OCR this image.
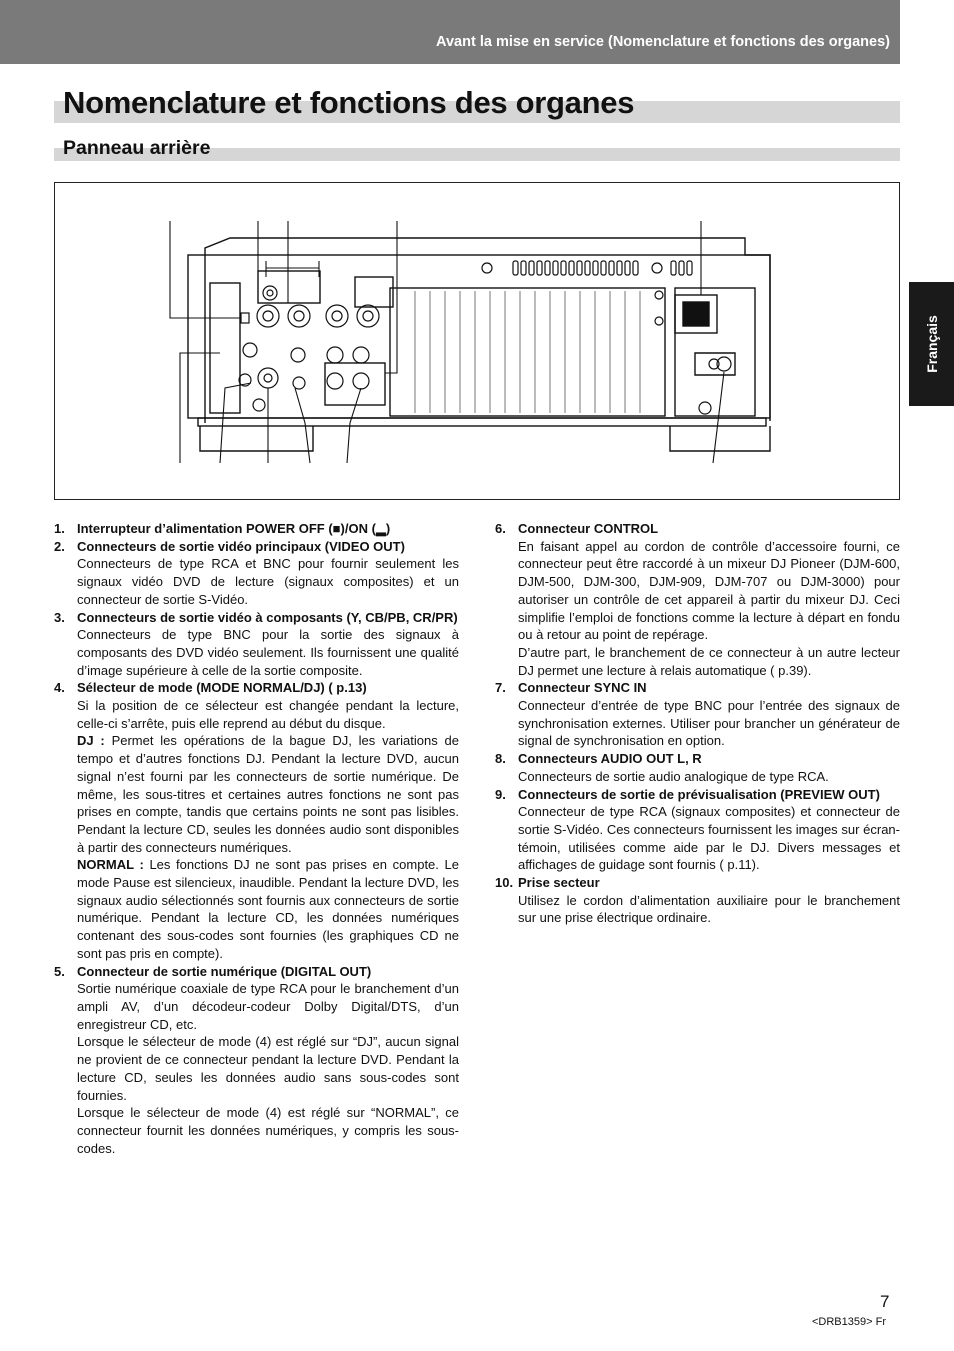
Avant la mise en service (Nomenclature et fonctions des organes)
Nomenclature et fonctions des organes
Panneau arrière
Français
1. Interrupteur d’alimentation POWER OFF (■)/ON (▂)
2. Connecteurs de sortie vidéo principaux (VIDEO OUT)

Connecteurs de type RCA et BNC pour fournir seulement les signaux vidéo DVD de lecture (signaux composites) et un connecteur de sortie S-Vidéo.

3. Connecteurs de sortie vidéo à composants (Y, CB/PB, CR/PR)

Connecteurs de type BNC pour la sortie des signaux à composants des DVD vidéo seulement. Ils fournissent une qualité d’image supérieure à celle de la sortie composite.

4. Sélecteur de mode (MODE NORMAL/DJ) ( p.13)

Si la position de ce sélecteur est changée pendant la lecture, celle-ci s’arrête, puis elle reprend au début du disque.

DJ : Permet les opérations de la bague DJ, les variations de tempo et d’autres fonctions DJ. Pendant la lecture DVD, aucun signal n’est fourni par les connecteurs de sortie numérique. De même, les sous-titres et certaines autres fonctions ne sont pas prises en compte, tandis que certains points ne sont pas lisibles. Pendant la lecture CD, seules les données audio sont disponibles à partir des connecteurs numériques.

NORMAL : Les fonctions DJ ne sont pas prises en compte. Le mode Pause est silencieux, inaudible. Pendant la lecture DVD, les signaux audio sélectionnés sont fournis aux connecteurs de sortie numérique. Pendant la lecture CD, les données numériques contenant des sous-codes sont fournies (les graphiques CD ne sont pas pris en compte).

5. Connecteur de sortie numérique (DIGITAL OUT)

Sortie numérique coaxiale de type RCA pour le branchement d’un ampli AV, d’un décodeur-codeur Dolby Digital/DTS, d’un enregistreur CD, etc.

Lorsque le sélecteur de mode (4) est réglé sur “DJ”, aucun signal ne provient de ce connecteur pendant la lecture DVD. Pendant la lecture CD, seules les données audio sans sous-codes sont fournies.

Lorsque le sélecteur de mode (4) est réglé sur “NORMAL”, ce connecteur fournit les données numériques, y compris les sous-codes.

6. Connecteur CONTROL

En faisant appel au cordon de contrôle d’accessoire fourni, ce connecteur peut être raccordé à un mixeur DJ Pioneer (DJM-600, DJM-500, DJM-300, DJM-909, DJM-707 ou DJM-3000) pour autoriser un contrôle de cet appareil à partir du mixeur DJ. Ceci simplifie l’emploi de fonctions comme la lecture à départ en fondu ou à retour au point de repérage.

D’autre part, le branchement de ce connecteur à un autre lecteur DJ permet une lecture à relais automatique ( p.39).

7. Connecteur SYNC IN

Connecteur d’entrée de type BNC pour l’entrée des signaux de synchronisation externes. Utiliser pour brancher un générateur de signal de synchronisation en option.

8. Connecteurs AUDIO OUT L, R

Connecteurs de sortie audio analogique de type RCA.

9. Connecteurs de sortie de prévisualisation (PREVIEW OUT)

Connecteur de type RCA (signaux composites) et connecteur de sortie S-Vidéo. Ces connecteurs fournissent les images sur écran-témoin, utilisées comme aide par le DJ. Divers messages et affichages de guidage sont fournis ( p.11).

10. Prise secteur

Utilisez le cordon d’alimentation auxiliaire pour le branchement sur une prise électrique ordinaire.

7
<DRB1359> Fr
